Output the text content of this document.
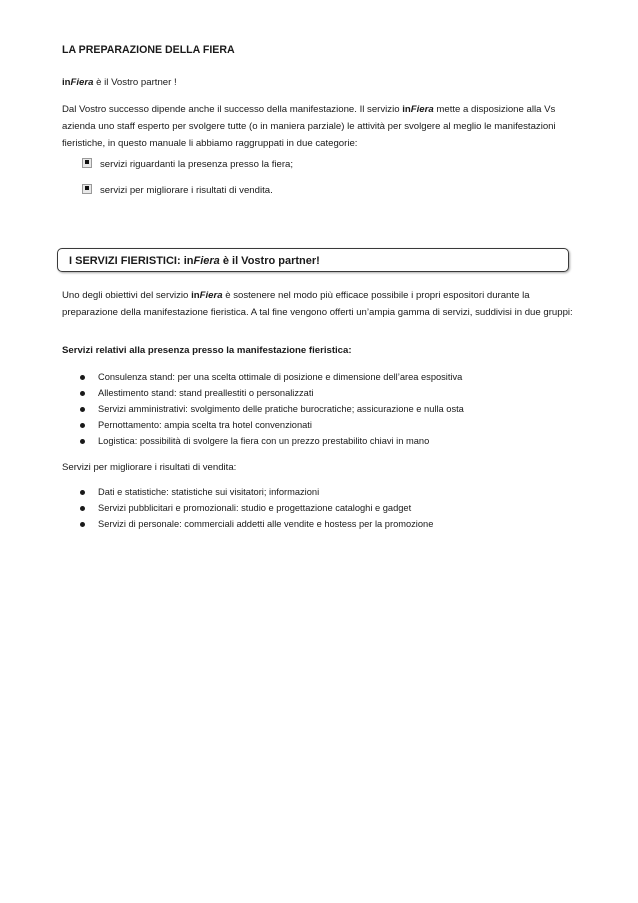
LA PREPARAZIONE DELLA FIERA
inFiera è il Vostro partner !
Dal Vostro successo dipende anche il successo della manifestazione. Il servizio inFiera mette a disposizione alla Vs azienda uno staff esperto per svolgere tutte (o in maniera parziale) le attività per svolgere al meglio le manifestazioni fieristiche, in questo manuale li abbiamo raggruppati in due categorie:
servizi riguardanti la presenza presso la fiera;
servizi per migliorare i risultati di vendita.
I SERVIZI FIERISTICI: inFiera è il Vostro partner!
Uno degli obiettivi del servizio inFiera è sostenere nel modo più efficace possibile i propri espositori durante la preparazione della manifestazione fieristica. A tal fine vengono offerti un’ampia gamma di servizi, suddivisi in due gruppi:
Servizi relativi alla presenza presso la manifestazione fieristica:
Consulenza stand: per una scelta ottimale di posizione e dimensione dell’area espositiva
Allestimento stand: stand preallestiti o personalizzati
Servizi amministrativi: svolgimento delle pratiche burocratiche; assicurazione e nulla osta
Pernottamento: ampia scelta tra hotel convenzionati
Logistica: possibilità di svolgere la fiera con un prezzo prestabilito chiavi in mano
Servizi per migliorare i risultati di vendita:
Dati e statistiche: statistiche sui visitatori; informazioni
Servizi pubblicitari e promozionali: studio e progettazione cataloghi e gadget
Servizi di personale: commerciali addetti alle vendite e hostess per la promozione
